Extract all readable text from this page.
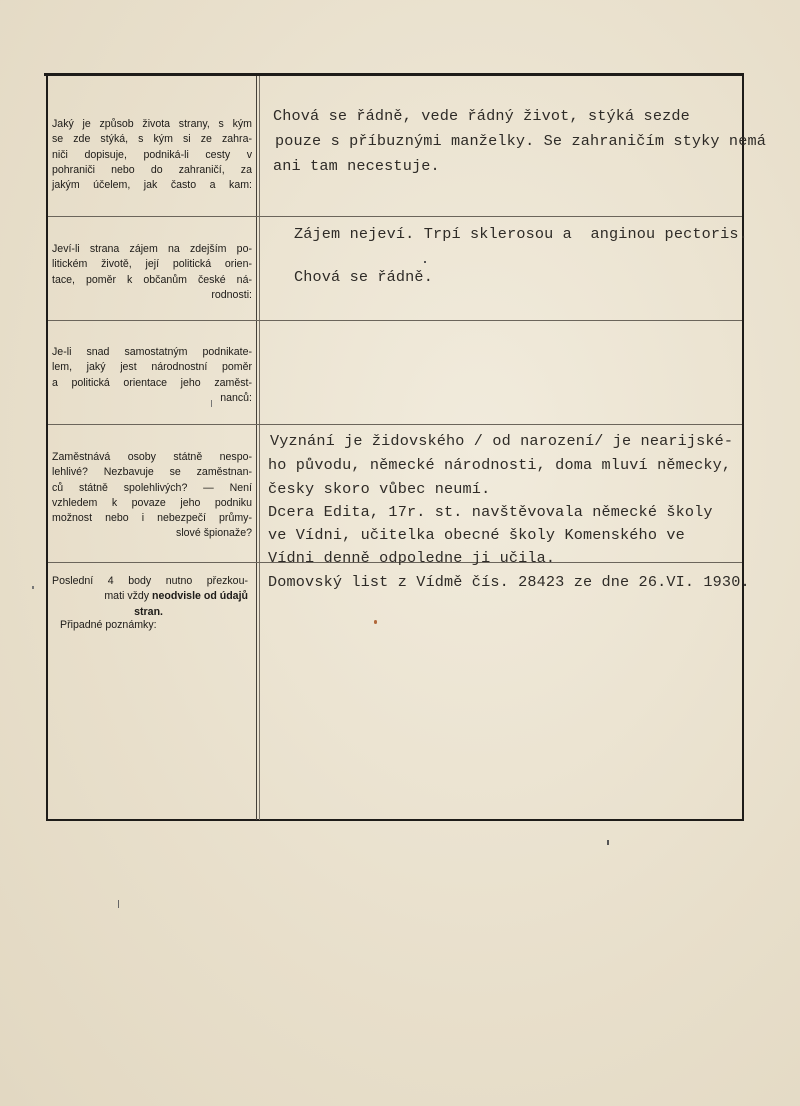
Jaký je způsob života strany, s kým
se zde stýká, s kým si ze zahra-
niči dopisuje, podniká-li cesty v
pohraniči nebo do zahraničí, za
jakým účelem, jak často a kam:
Jeví-li strana zájem na zdejším po-
litickém životě, její politická orien-
tace, poměr k občanům české ná-
rodnosti:
Je-li snad samostatným podnikate-
lem, jaký jest národnostní poměr
a politická orientace jeho zaměst-
nanců:
Zaměstnává osoby státně nespo-
lehlivé? Nezbavuje se zaměstnan-
ců státně spolehlivých? — Není
vzhledem k povaze jeho podniku
možnost nebo i nebezpečí průmy-
slové špionaže?
Poslední 4 body nutno přezkou-
mati vždy neodvisle od údajů
stran.
Připadné poznámky:
Chová se řádně, vede řádný život, stýká sezde
pouze s příbuznými manželky. Se zahraničím styky nemá
ani tam necestuje.
Zájem nejeví. Trpí sklerosou a  anginou pectoris.
Chová se řádně.
Vyznání je židovského / od narození/ je nearijské-
ho původu, německé národnosti, doma mluví německy,
česky skoro vůbec neumí.
Dcera Edita, 17r. st. navštěvovala německé školy
ve Vídni, učitelka obecné školy Komenského ve
Vídni denně odpoledne ji učila.
Domovský list z Vídmě čís. 28423 ze dne 26.VI. 1930.
